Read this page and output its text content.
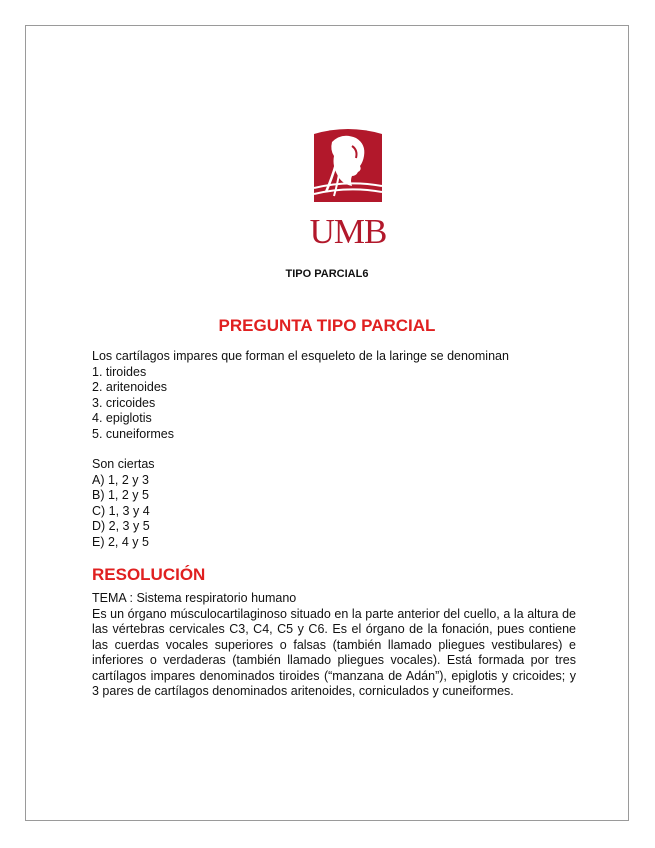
UMB
TIPO PARCIAL6
PREGUNTA TIPO PARCIAL

Los cartílagos impares que forman el esqueleto de la laringe se denominan

1. tiroides
2. aritenoides
3. cricoides
4. epiglotis
5. cuneiformes

Son ciertas

A) 1, 2 y 3
B) 1, 2 y 5
C) 1, 3 y 4
D) 2, 3 y 5
E) 2, 4 y 5
RESOLUCIÓN

TEMA : Sistema respiratorio humano

Es un órgano músculocartilaginoso situado en la parte anterior del cuello, a la altura de las vértebras cervicales C3, C4, C5 y C6. Es el órgano de la fonación, pues contiene las cuerdas vocales superiores o falsas (también llamado pliegues vestibulares) e inferiores o verdaderas (también llamado pliegues vocales). Está formada por tres cartílagos impares denominados tiroides (“manzana de Adán”), epiglotis y cricoides; y 3 pares de cartílagos denominados aritenoides, corniculados y cuneiformes.
